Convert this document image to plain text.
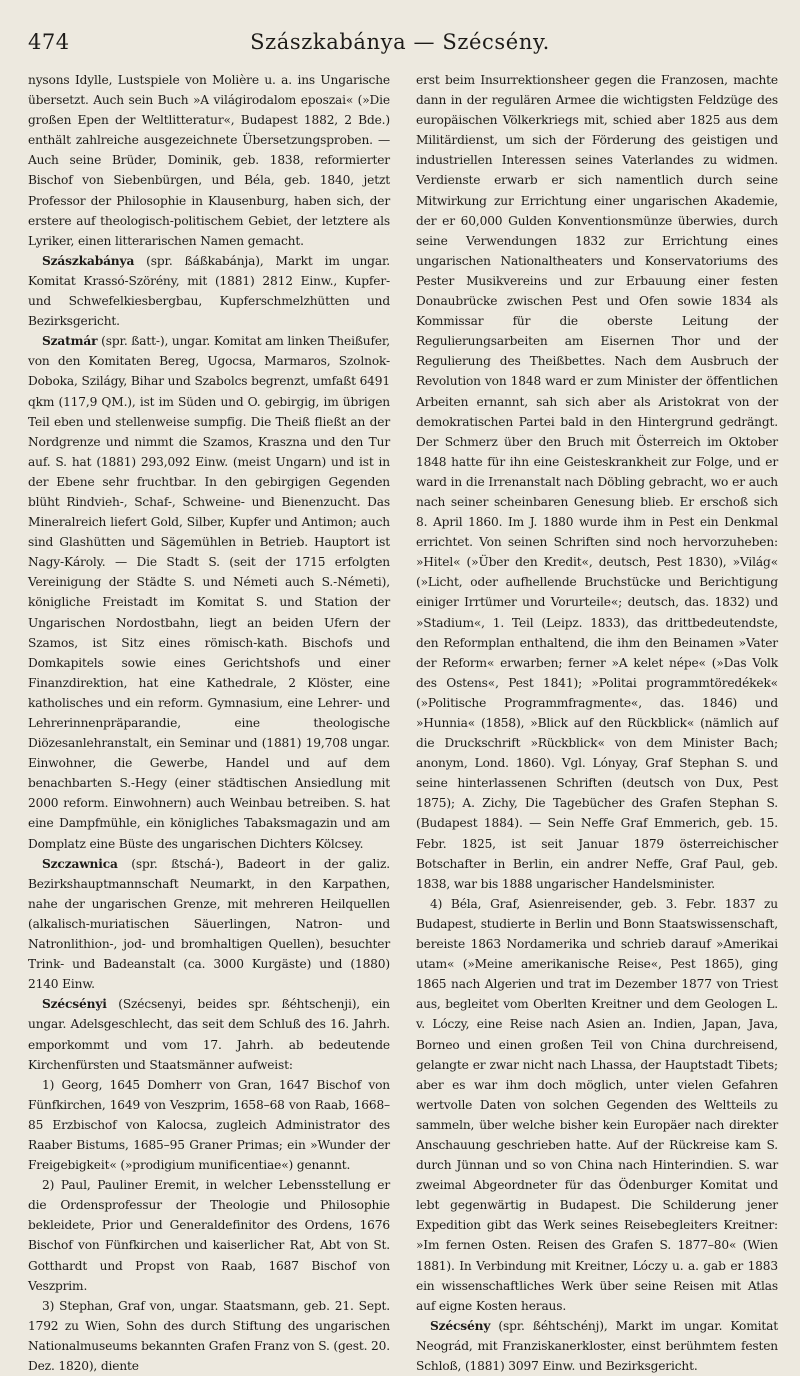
474	Szászkabánya — Szécsény.

nysons Idylle, Lustspiele von Molière u. a. ins Ungarische übersetzt. Auch sein Buch »A világirodalom eposzai« (»Die großen Epen der Weltlitteratur«, Budapest 1882, 2 Bde.) enthält zahlreiche ausgezeichnete Übersetzungsproben. — Auch seine Brüder, Dominik, geb. 1838, reformierter Bischof von Siebenbürgen, und Béla, geb. 1840, jetzt Professor der Philosophie in Klausenburg, haben sich, der erstere auf theologisch-politischem Gebiet, der letztere als Lyriker, einen litterarischen Namen gemacht.

Szászkabánya (spr. ßáßkabánja), Markt im ungar. Komitat Krassó-Szörény, mit (1881) 2812 Einw., Kupfer- und Schwefelkiesbergbau, Kupferschmelzhütten und Bezirksgericht.

Szatmár (spr. ßatt-), ungar. Komitat am linken Theißufer, von den Komitaten Bereg, Ugocsa, Marmaros, Szolnok-Doboka, Szilágy, Bihar und Szabolcs begrenzt, umfaßt 6491 qkm (117,9 QM.), ist im Süden und O. gebirgig, im übrigen Teil eben und stellenweise sumpfig. Die Theiß fließt an der Nordgrenze und nimmt die Szamos, Kraszna und den Tur auf. S. hat (1881) 293,092 Einw. (meist Ungarn) und ist in der Ebene sehr fruchtbar. In den gebirgigen Gegenden blüht Rindvieh-, Schaf-, Schweine- und Bienenzucht. Das Mineralreich liefert Gold, Silber, Kupfer und Antimon; auch sind Glashütten und Sägemühlen in Betrieb. Hauptort ist Nagy-Károly. — Die Stadt S. (seit der 1715 erfolgten Vereinigung der Städte S. und Németi auch S.-Németi), königliche Freistadt im Komitat S. und Station der Ungarischen Nordostbahn, liegt an beiden Ufern der Szamos, ist Sitz eines römisch-kath. Bischofs und Domkapitels sowie eines Gerichtshofs und einer Finanzdirektion, hat eine Kathedrale, 2 Klöster, eine katholisches und ein reform. Gymnasium, eine Lehrer- und Lehrerinnenpräparandie, eine theologische Diözesanlehranstalt, ein Seminar und (1881) 19,708 ungar. Einwohner, die Gewerbe, Handel und auf dem benachbarten S.-Hegy (einer städtischen Ansiedlung mit 2000 reform. Einwohnern) auch Weinbau betreiben. S. hat eine Dampfmühle, ein königliches Tabaksmagazin und am Domplatz eine Büste des ungarischen Dichters Kölcsey.

Szczawnica (spr. ßtschá-), Badeort in der galiz. Bezirkshauptmannschaft Neumarkt, in den Karpathen, nahe der ungarischen Grenze, mit mehreren Heilquellen (alkalisch-muriatischen Säuerlingen, Natron- und Natronlithion-, jod- und bromhaltigen Quellen), besuchter Trink- und Badeanstalt (ca. 3000 Kurgäste) und (1880) 2140 Einw.

Szécsényi (Szécsenyi, beides spr. ßéhtschenji), ein ungar. Adelsgeschlecht, das seit dem Schluß des 16. Jahrh. emporkommt und vom 17. Jahrh. ab bedeutende Kirchenfürsten und Staatsmänner aufweist:

1) Georg, 1645 Domherr von Gran, 1647 Bischof von Fünfkirchen, 1649 von Veszprim, 1658–68 von Raab, 1668–85 Erzbischof von Kalocsa, zugleich Administrator des Raaber Bistums, 1685–95 Graner Primas; ein »Wunder der Freigebigkeit« (»prodigium munificentiae«) genannt.

2) Paul, Pauliner Eremit, in welcher Lebensstellung er die Ordensprofessur der Theologie und Philosophie bekleidete, Prior und Generaldefinitor des Ordens, 1676 Bischof von Fünfkirchen und kaiserlicher Rat, Abt von St. Gotthardt und Propst von Raab, 1687 Bischof von Veszprim.

3) Stephan, Graf von, ungar. Staatsmann, geb. 21. Sept. 1792 zu Wien, Sohn des durch Stiftung des ungarischen Nationalmuseums bekannten Grafen Franz von S. (gest. 20. Dez. 1820), diente

erst beim Insurrektionsheer gegen die Franzosen, machte dann in der regulären Armee die wichtigsten Feldzüge des europäischen Völkerkriegs mit, schied aber 1825 aus dem Militärdienst, um sich der Förderung des geistigen und industriellen Interessen seines Vaterlandes zu widmen. Verdienste erwarb er sich namentlich durch seine Mitwirkung zur Errichtung einer ungarischen Akademie, der er 60,000 Gulden Konventionsmünze überwies, durch seine Verwendungen 1832 zur Errichtung eines ungarischen Nationaltheaters und Konservatoriums des Pester Musikvereins und zur Erbauung einer festen Donaubrücke zwischen Pest und Ofen sowie 1834 als Kommissar für die oberste Leitung der Regulierungsarbeiten am Eisernen Thor und der Regulierung des Theißbettes. Nach dem Ausbruch der Revolution von 1848 ward er zum Minister der öffentlichen Arbeiten ernannt, sah sich aber als Aristokrat von der demokratischen Partei bald in den Hintergrund gedrängt. Der Schmerz über den Bruch mit Österreich im Oktober 1848 hatte für ihn eine Geisteskrankheit zur Folge, und er ward in die Irrenanstalt nach Döbling gebracht, wo er auch nach seiner scheinbaren Genesung blieb. Er erschoß sich 8. April 1860. Im J. 1880 wurde ihm in Pest ein Denkmal errichtet. Von seinen Schriften sind noch hervorzuheben: »Hitel« (»Über den Kredit«, deutsch, Pest 1830), »Világ« (»Licht, oder aufhellende Bruchstücke und Berichtigung einiger Irrtümer und Vorurteile«; deutsch, das. 1832) und »Stadium«, 1. Teil (Leipz. 1833), das drittbedeutendste, den Reformplan enthaltend, die ihm den Beinamen »Vater der Reform« erwarben; ferner »A kelet népe« (»Das Volk des Ostens«, Pest 1841); »Politai programmtöredékek« (»Politische Programmfragmente«, das. 1846) und »Hunnia« (1858), »Blick auf den Rückblick« (nämlich auf die Druckschrift »Rückblick« von dem Minister Bach; anonym, Lond. 1860). Vgl. Lónyay, Graf Stephan S. und seine hinterlassenen Schriften (deutsch von Dux, Pest 1875); A. Zichy, Die Tagebücher des Grafen Stephan S. (Budapest 1884). — Sein Neffe Graf Emmerich, geb. 15. Febr. 1825, ist seit Januar 1879 österreichischer Botschafter in Berlin, ein andrer Neffe, Graf Paul, geb. 1838, war bis 1888 ungarischer Handelsminister.

4) Béla, Graf, Asienreisender, geb. 3. Febr. 1837 zu Budapest, studierte in Berlin und Bonn Staatswissenschaft, bereiste 1863 Nordamerika und schrieb darauf »Amerikai utam« (»Meine amerikanische Reise«, Pest 1865), ging 1865 nach Algerien und trat im Dezember 1877 von Triest aus, begleitet vom Oberlten Kreitner und dem Geologen L. v. Lóczy, eine Reise nach Asien an. Indien, Japan, Java, Borneo und einen großen Teil von China durchreisend, gelangte er zwar nicht nach Lhassa, der Hauptstadt Tibets; aber es war ihm doch möglich, unter vielen Gefahren wertvolle Daten von solchen Gegenden des Weltteils zu sammeln, über welche bisher kein Europäer nach direkter Anschauung geschrieben hatte. Auf der Rückreise kam S. durch Jünnan und so von China nach Hinterindien. S. war zweimal Abgeordneter für das Ödenburger Komitat und lebt gegenwärtig in Budapest. Die Schilderung jener Expedition gibt das Werk seines Reisebegleiters Kreitner: »Im fernen Osten. Reisen des Grafen S. 1877–80« (Wien 1881). In Verbindung mit Kreitner, Lóczy u. a. gab er 1883 ein wissenschaftliches Werk über seine Reisen mit Atlas auf eigne Kosten heraus.

Szécsény (spr. ßéhtschénj), Markt im ungar. Komitat Neográd, mit Franziskanerkloster, einst berühmtem festen Schloß, (1881) 3097 Einw. und Bezirksgericht.
